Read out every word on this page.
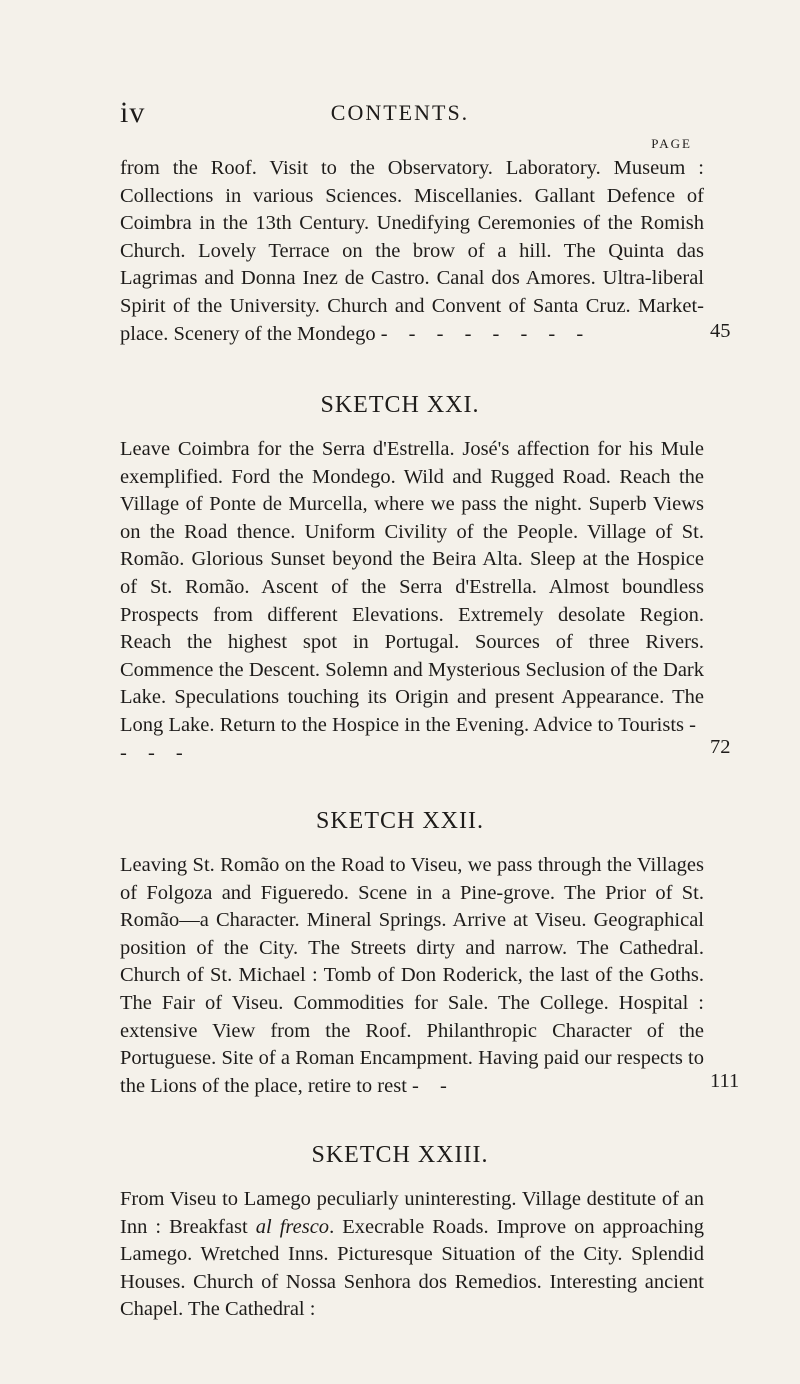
iv	CONTENTS.
PAGE
from the Roof. Visit to the Observatory. Laboratory. Museum : Collections in various Sciences. Miscellanies. Gallant Defence of Coimbra in the 13th Century. Unedifying Ceremonies of the Romish Church. Lovely Terrace on the brow of a hill. The Quinta das Lagrimas and Donna Inez de Castro. Canal dos Amores. Ultra-liberal Spirit of the University. Church and Convent of Santa Cruz. Market-place. Scenery of the Mondego - - - - - - - -	45
SKETCH XXI.
Leave Coimbra for the Serra d'Estrella. José's affection for his Mule exemplified. Ford the Mondego. Wild and Rugged Road. Reach the Village of Ponte de Murcella, where we pass the night. Superb Views on the Road thence. Uniform Civility of the People. Village of St. Romão. Glorious Sunset beyond the Beira Alta. Sleep at the Hospice of St. Romão. Ascent of the Serra d'Estrella. Almost boundless Prospects from different Elevations. Extremely desolate Region. Reach the highest spot in Portugal. Sources of three Rivers. Commence the Descent. Solemn and Mysterious Seclusion of the Dark Lake. Speculations touching its Origin and present Appearance. The Long Lake. Return to the Hospice in the Evening. Advice to Tourists - - - -	72
SKETCH XXII.
Leaving St. Romão on the Road to Viseu, we pass through the Villages of Folgoza and Figueredo. Scene in a Pine-grove. The Prior of St. Romão—a Character. Mineral Springs. Arrive at Viseu. Geographical position of the City. The Streets dirty and narrow. The Cathedral. Church of St. Michael : Tomb of Don Roderick, the last of the Goths. The Fair of Viseu. Commodities for Sale. The College. Hospital : extensive View from the Roof. Philanthropic Character of the Portuguese. Site of a Roman Encampment. Having paid our respects to the Lions of the place, retire to rest - -	111
SKETCH XXIII.
From Viseu to Lamego peculiarly uninteresting. Village destitute of an Inn : Breakfast al fresco. Execrable Roads. Improve on approaching Lamego. Wretched Inns. Picturesque Situation of the City. Splendid Houses. Church of Nossa Senhora dos Remedios. Interesting ancient Chapel. The Cathedral :
